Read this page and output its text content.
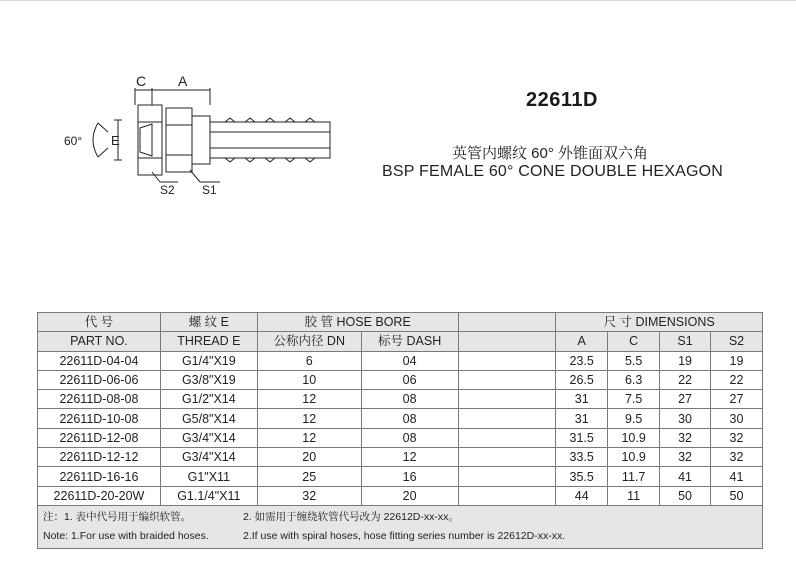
C A
E
60°
S2 S1
22611D
英管内螺纹 60° 外锥面双六角
BSP FEMALE 60° CONE DOUBLE HEXAGON
代 号	螺 纹 E	胶 管 HOSE BORE			尺 寸 DIMENSIONS			
PART NO.	THREAD E	公称内径 DN	标号 DASH		A	C	S1	S2
22611D-04-04	G1/4"X19	6	04		23.5	5.5	19	19
22611D-06-06	G3/8"X19	10	06		26.5	6.3	22	22
22611D-08-08	G1/2"X14	12	08		31	7.5	27	27
22611D-10-08	G5/8"X14	12	08		31	9.5	30	30
22611D-12-08	G3/4"X14	12	08		31.5	10.9	32	32
22611D-12-12	G3/4"X14	20	12		33.5	10.9	32	32
22611D-16-16	G1"X11	25	16		35.5	11.7	41	41
22611D-20-20W	G1.1/4"X11	32	20		44	11	50	50

注：1. 表中代号用于编织软管。 2. 如需用于缠绕软管代号改为 22612D-xx-xx。
Note: 1.For use with braided hoses. 2.If use with spiral hoses, hose fitting series number is 22612D-xx-xx.								
